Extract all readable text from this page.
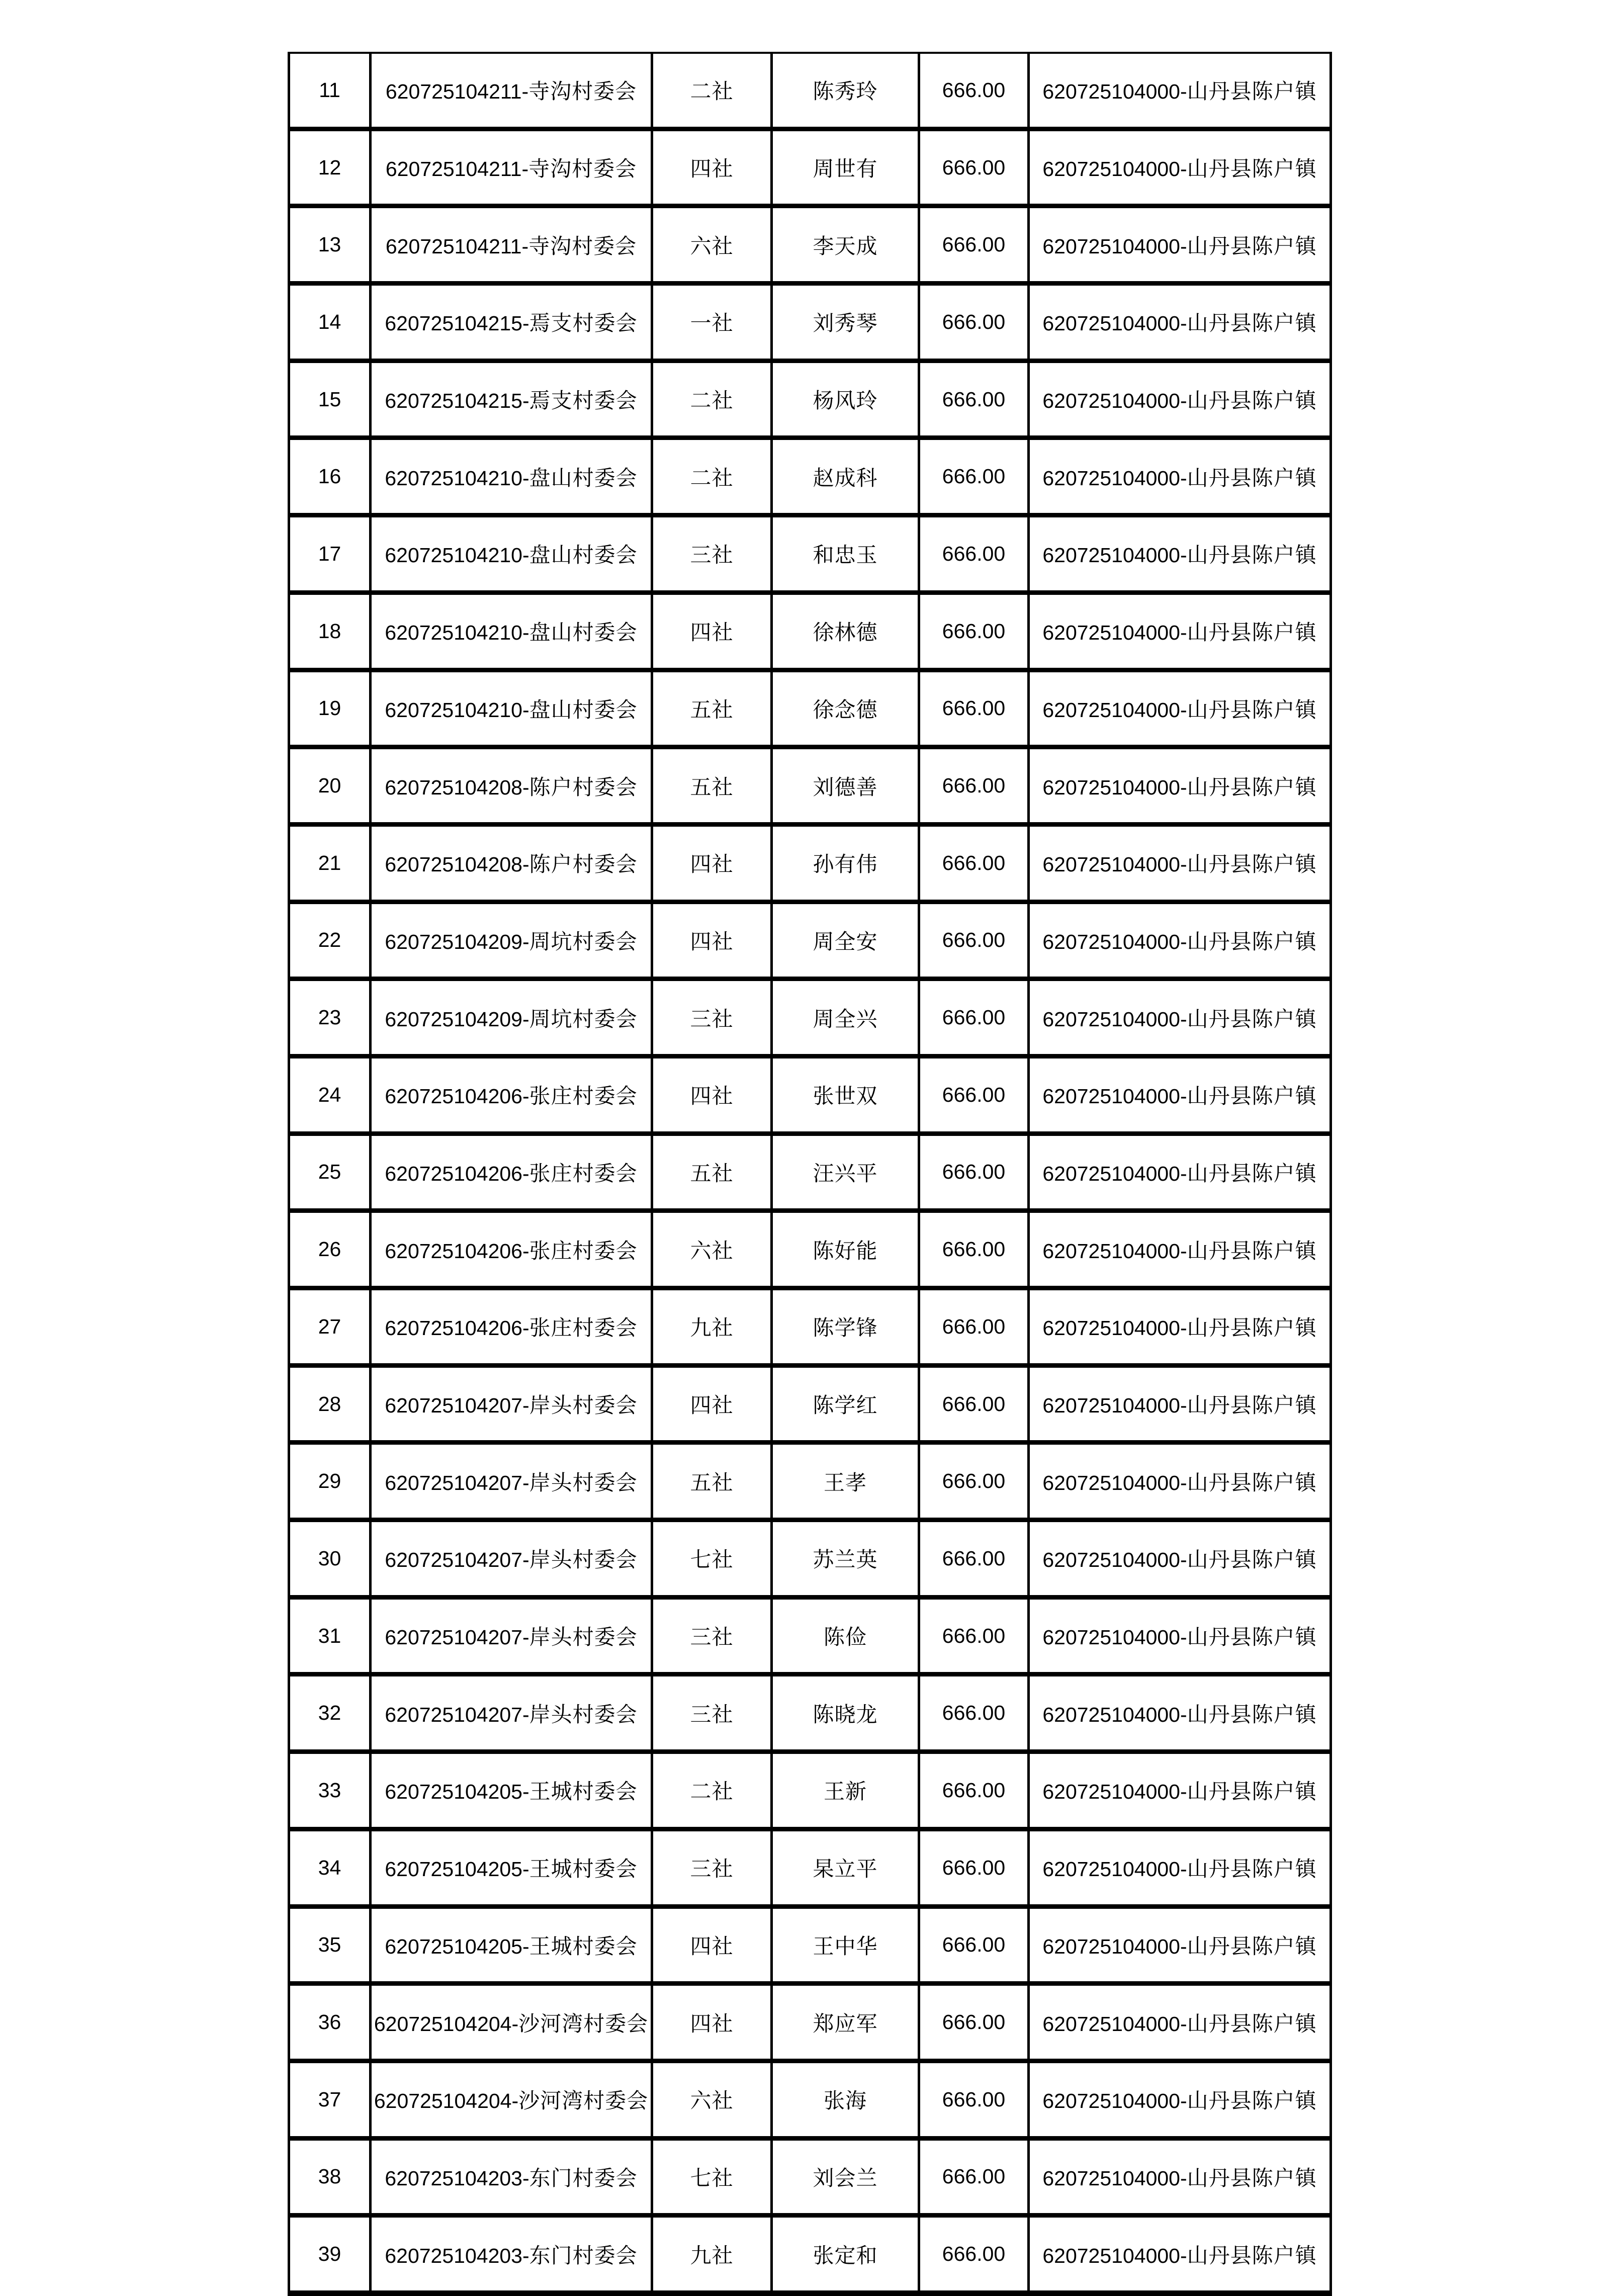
11	620725104211-寺沟村委会	二社	陈秀玲	666.00	620725104000-山丹县陈户镇
12	620725104211-寺沟村委会	四社	周世有	666.00	620725104000-山丹县陈户镇
13	620725104211-寺沟村委会	六社	李天成	666.00	620725104000-山丹县陈户镇
14	620725104215-焉支村委会	一社	刘秀琴	666.00	620725104000-山丹县陈户镇
15	620725104215-焉支村委会	二社	杨风玲	666.00	620725104000-山丹县陈户镇
16	620725104210-盘山村委会	二社	赵成科	666.00	620725104000-山丹县陈户镇
17	620725104210-盘山村委会	三社	和忠玉	666.00	620725104000-山丹县陈户镇
18	620725104210-盘山村委会	四社	徐林德	666.00	620725104000-山丹县陈户镇
19	620725104210-盘山村委会	五社	徐念德	666.00	620725104000-山丹县陈户镇
20	620725104208-陈户村委会	五社	刘德善	666.00	620725104000-山丹县陈户镇
21	620725104208-陈户村委会	四社	孙有伟	666.00	620725104000-山丹县陈户镇
22	620725104209-周坑村委会	四社	周全安	666.00	620725104000-山丹县陈户镇
23	620725104209-周坑村委会	三社	周全兴	666.00	620725104000-山丹县陈户镇
24	620725104206-张庄村委会	四社	张世双	666.00	620725104000-山丹县陈户镇
25	620725104206-张庄村委会	五社	汪兴平	666.00	620725104000-山丹县陈户镇
26	620725104206-张庄村委会	六社	陈好能	666.00	620725104000-山丹县陈户镇
27	620725104206-张庄村委会	九社	陈学锋	666.00	620725104000-山丹县陈户镇
28	620725104207-岸头村委会	四社	陈学红	666.00	620725104000-山丹县陈户镇
29	620725104207-岸头村委会	五社	王孝	666.00	620725104000-山丹县陈户镇
30	620725104207-岸头村委会	七社	苏兰英	666.00	620725104000-山丹县陈户镇
31	620725104207-岸头村委会	三社	陈俭	666.00	620725104000-山丹县陈户镇
32	620725104207-岸头村委会	三社	陈晓龙	666.00	620725104000-山丹县陈户镇
33	620725104205-王城村委会	二社	王新	666.00	620725104000-山丹县陈户镇
34	620725104205-王城村委会	三社	杲立平	666.00	620725104000-山丹县陈户镇
35	620725104205-王城村委会	四社	王中华	666.00	620725104000-山丹县陈户镇
36	620725104204-沙河湾村委会	四社	郑应军	666.00	620725104000-山丹县陈户镇
37	620725104204-沙河湾村委会	六社	张海	666.00	620725104000-山丹县陈户镇
38	620725104203-东门村委会	七社	刘会兰	666.00	620725104000-山丹县陈户镇
39	620725104203-东门村委会	九社	张定和	666.00	620725104000-山丹县陈户镇
